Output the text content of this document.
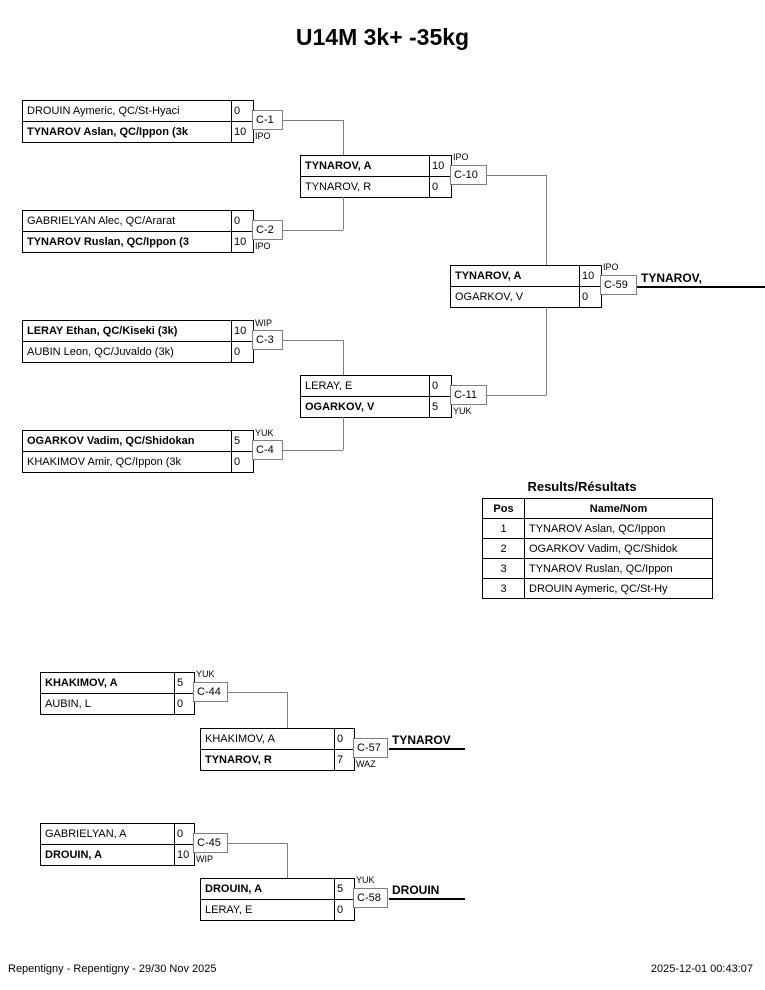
U14M 3k+ -35kg
DROUIN Aymeric, QC/St-Hyaci	0
TYNAROV Aslan, QC/Ippon (3k	10
C-1
IPO
GABRIELYAN Alec, QC/Ararat	0
TYNAROV Ruslan, QC/Ippon (3	10
C-2
IPO
LERAY Ethan, QC/Kiseki (3k)	10
AUBIN Leon, QC/Juvaldo (3k)	0
C-3
WIP
OGARKOV Vadim, QC/Shidokan	5
KHAKIMOV Amir, QC/Ippon (3k	0
C-4
YUK
TYNAROV, A	10
TYNAROV, R	0
C-10
IPO
LERAY, E	0
OGARKOV, V	5
C-11
YUK
TYNAROV, A	10
OGARKOV, V	0
C-59
IPO
TYNAROV,
Results/Résultats
Pos	Name/Nom
1	TYNAROV Aslan, QC/Ippon
2	OGARKOV Vadim, QC/Shidok
3	TYNAROV Ruslan, QC/Ippon
3	DROUIN Aymeric, QC/St-Hy
KHAKIMOV, A	5
AUBIN, L	0
C-44
YUK
KHAKIMOV, A	0
TYNAROV, R	7
C-57
WAZ
TYNAROV
GABRIELYAN, A	0
DROUIN, A	10
C-45
WIP
DROUIN, A	5
LERAY, E	0
C-58
YUK
DROUIN
Repentigny - Repentigny - 29/30 Nov 2025	2025-12-01 00:43:07
